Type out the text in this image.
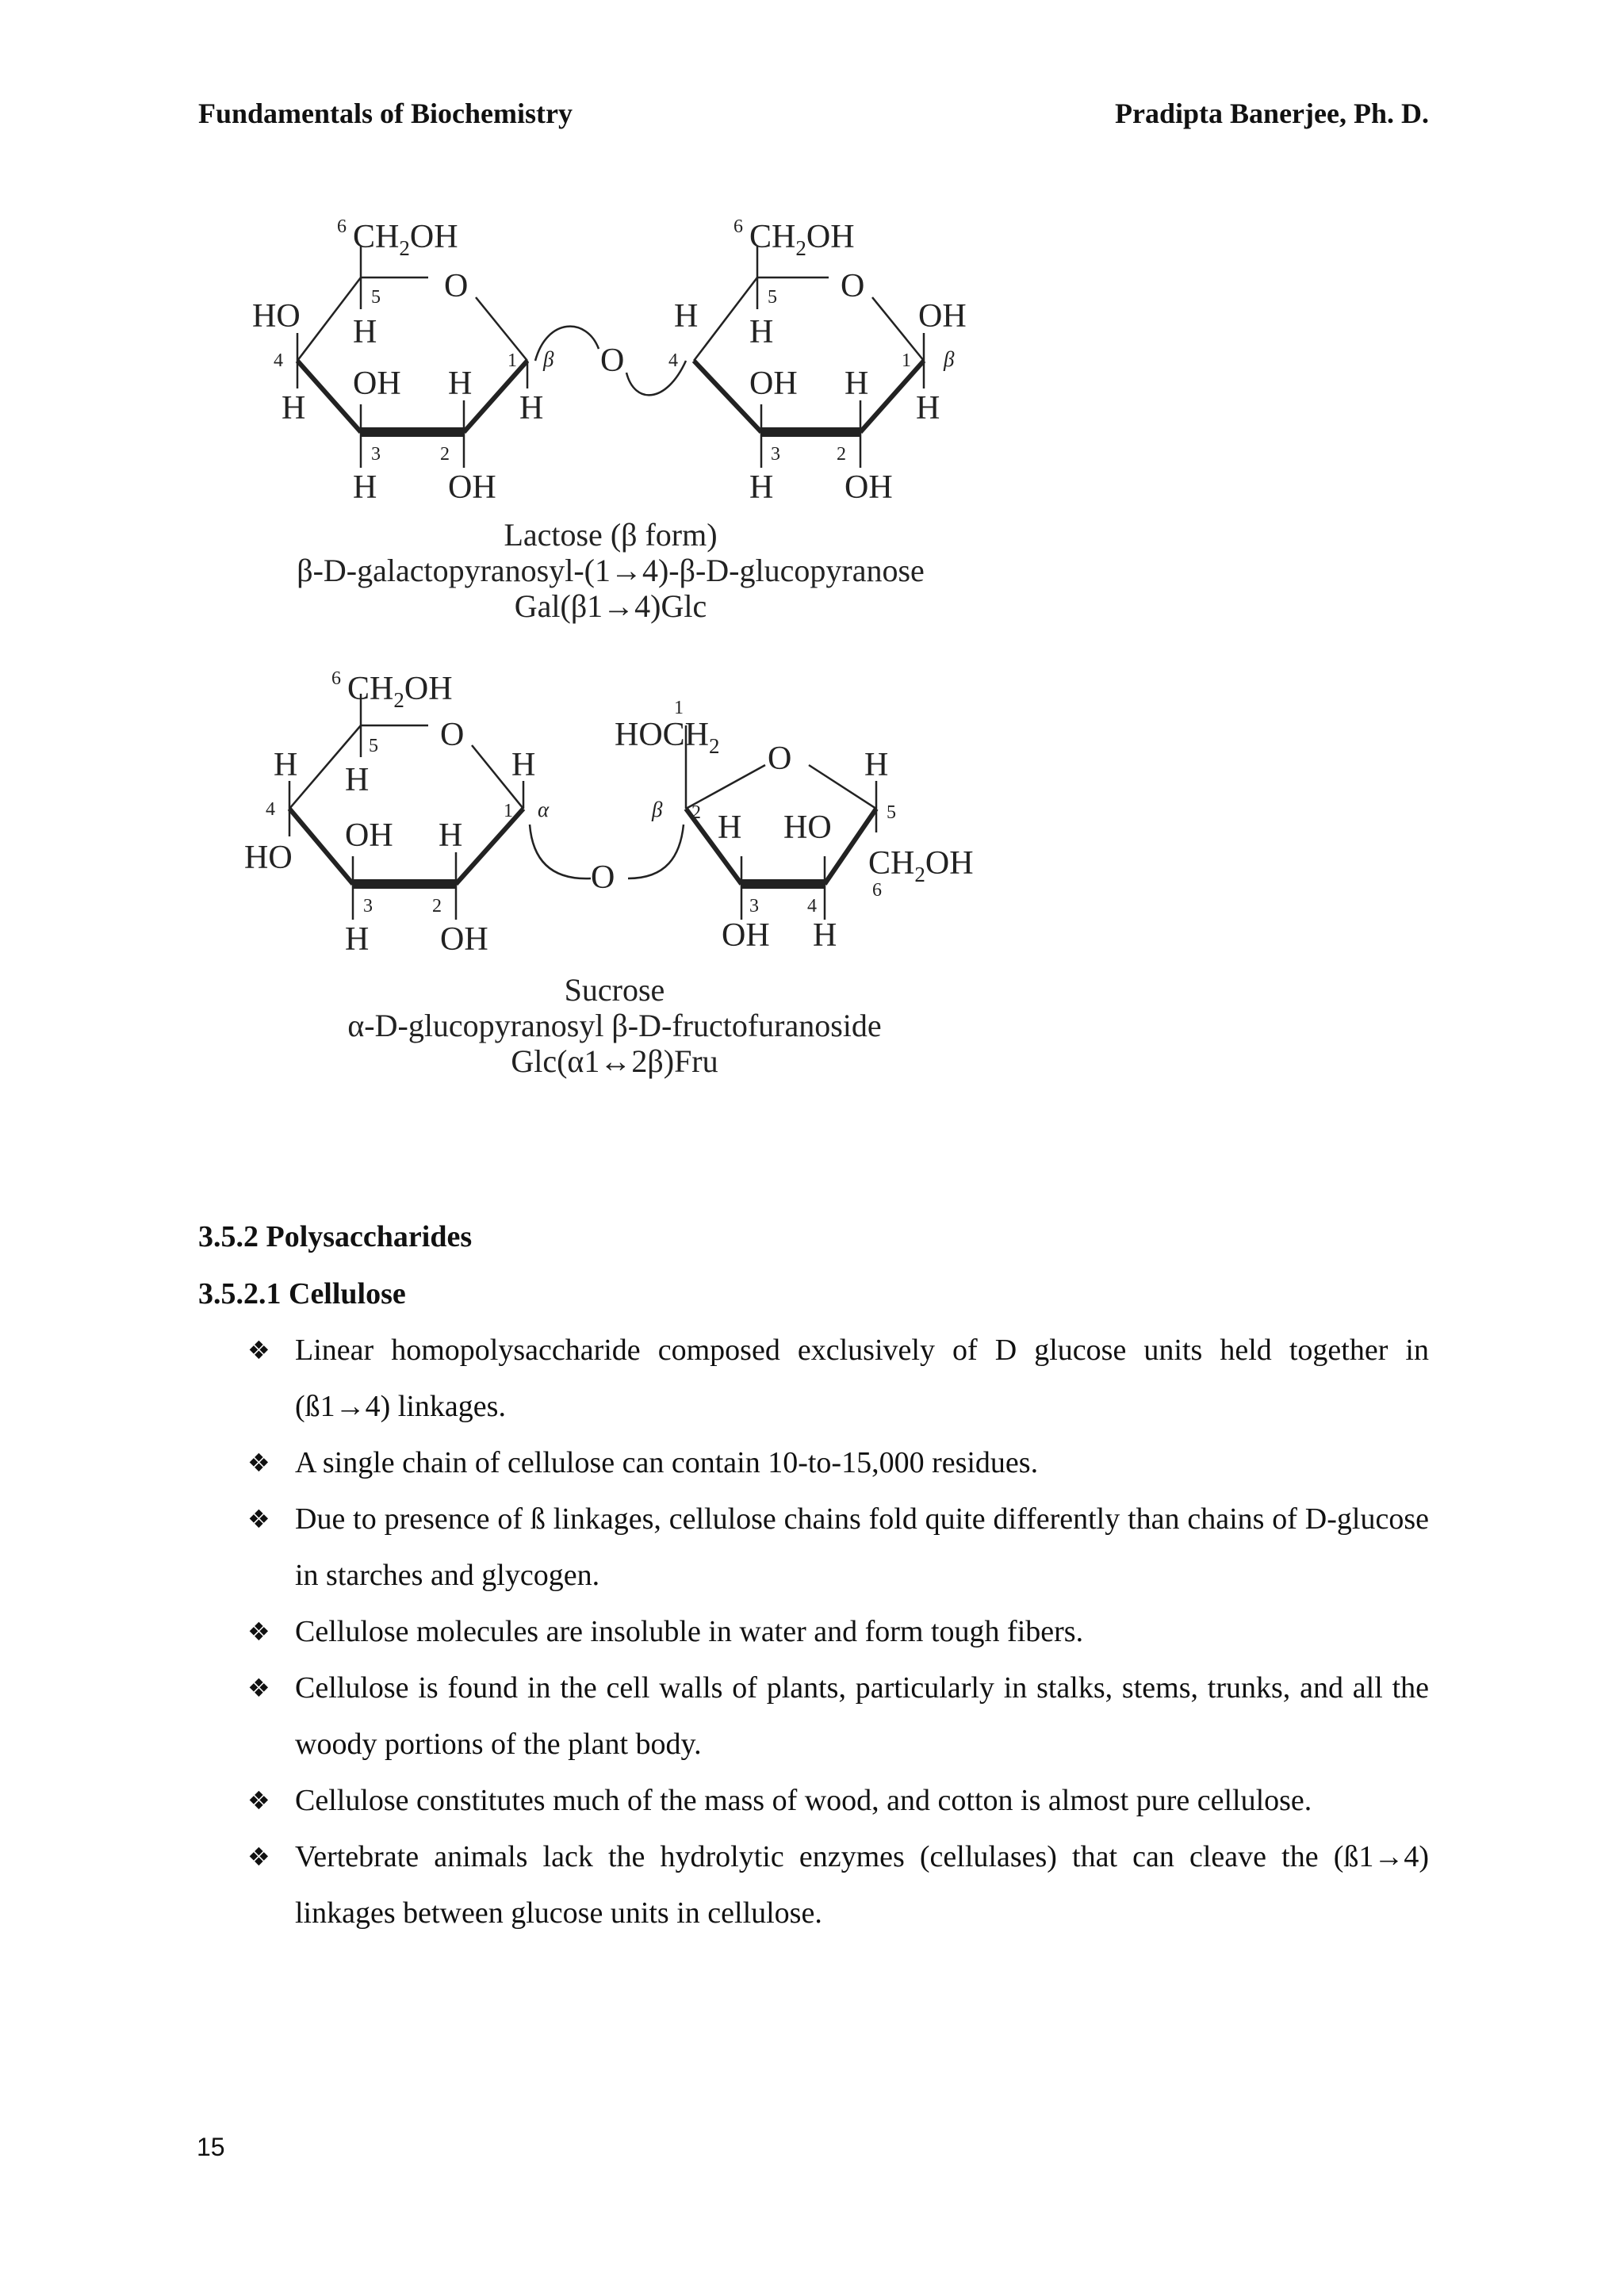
Fundamentals of Biochemistry	Pradipta Banerjee, Ph. D.
6 $CH_2OH$
O
5
H
HO
4
H
OH H
1 β
H
3	2
H OH
O
6 $CH_2OH$
O
5
H H
4
OH
OH H
1 β
H
3	2
H OH
Lactose (β form)
β-D-galactopyranosyl-(1→4)-β-D-glucopyranose
Gal(β1→4)Glc
6 $CH_2OH$
O
5
H
H
4
HO
OH H
H
1 α
3	2
H OH
O
1
$HOCH_2$ O H
β 2 H HO	5
$CH_2OH$
6
3	4
OH H
Sucrose
α-D-glucopyranosyl β-D-fructofuranoside
Glc(α1↔2β)Fru
3.5.2 Polysaccharides
3.5.2.1 Cellulose
❖ Linear homopolysaccharide composed exclusively of D glucose units held together in (ß1→4) linkages.
❖ A single chain of cellulose can contain 10-to-15,000 residues.
❖ Due to presence of ß linkages, cellulose chains fold quite differently than chains of D-glucose in starches and glycogen.
❖ Cellulose molecules are insoluble in water and form tough fibers.
❖ Cellulose is found in the cell walls of plants, particularly in stalks, stems, trunks, and all the woody portions of the plant body.
❖ Cellulose constitutes much of the mass of wood, and cotton is almost pure cellulose.
❖ Vertebrate animals lack the hydrolytic enzymes (cellulases) that can cleave the (ß1→4) linkages between glucose units in cellulose.
15
